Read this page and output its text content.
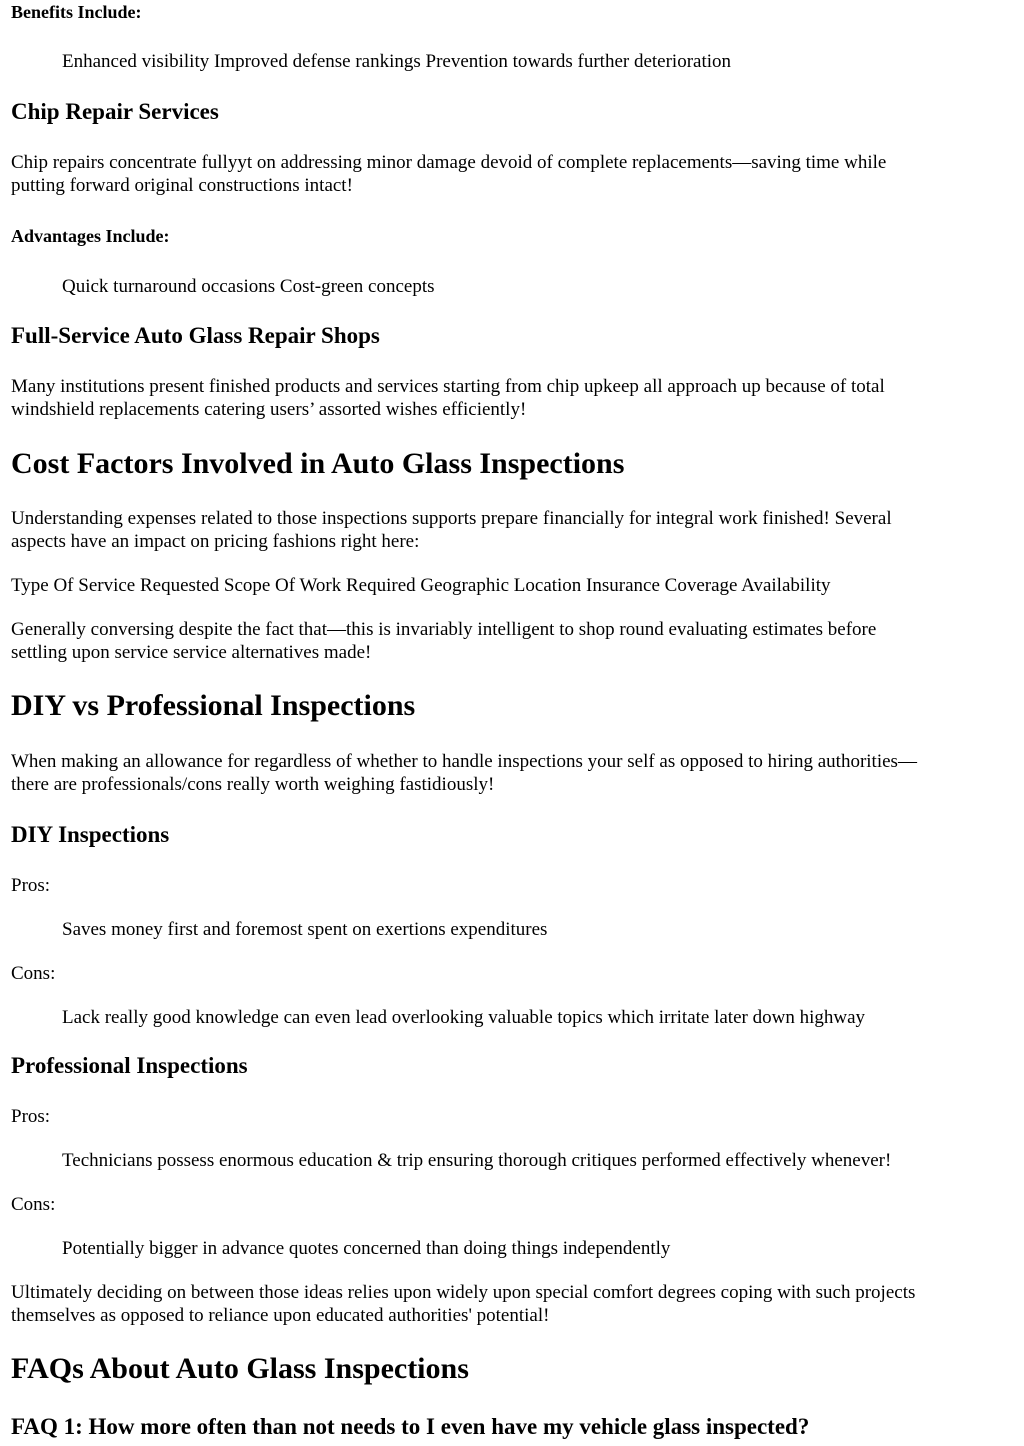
Benefits Include:
Enhanced visibility Improved defense rankings Prevention towards further deterioration
Chip Repair Services
Chip repairs concentrate fullyyt on addressing minor damage devoid of complete replacements—saving time while
putting forward original constructions intact!
Advantages Include:
Quick turnaround occasions Cost-green concepts
Full-Service Auto Glass Repair Shops
Many institutions present finished products and services starting from chip upkeep all approach up because of total
windshield replacements catering users’ assorted wishes efficiently!
Cost Factors Involved in Auto Glass Inspections
Understanding expenses related to those inspections supports prepare financially for integral work finished! Several
aspects have an impact on pricing fashions right here:
Type Of Service Requested Scope Of Work Required Geographic Location Insurance Coverage Availability
Generally conversing despite the fact that—this is invariably intelligent to shop round evaluating estimates before
settling upon service service alternatives made!
DIY vs Professional Inspections
When making an allowance for regardless of whether to handle inspections your self as opposed to hiring authorities—
there are professionals/cons really worth weighing fastidiously!
DIY Inspections
Pros:
Saves money first and foremost spent on exertions expenditures
Cons:
Lack really good knowledge can even lead overlooking valuable topics which irritate later down highway
Professional Inspections
Pros:
Technicians possess enormous education & trip ensuring thorough critiques performed effectively whenever!
Cons:
Potentially bigger in advance quotes concerned than doing things independently
Ultimately deciding on between those ideas relies upon widely upon special comfort degrees coping with such projects
themselves as opposed to reliance upon educated authorities' potential!
FAQs About Auto Glass Inspections
FAQ 1: How more often than not needs to I even have my vehicle glass inspected?
